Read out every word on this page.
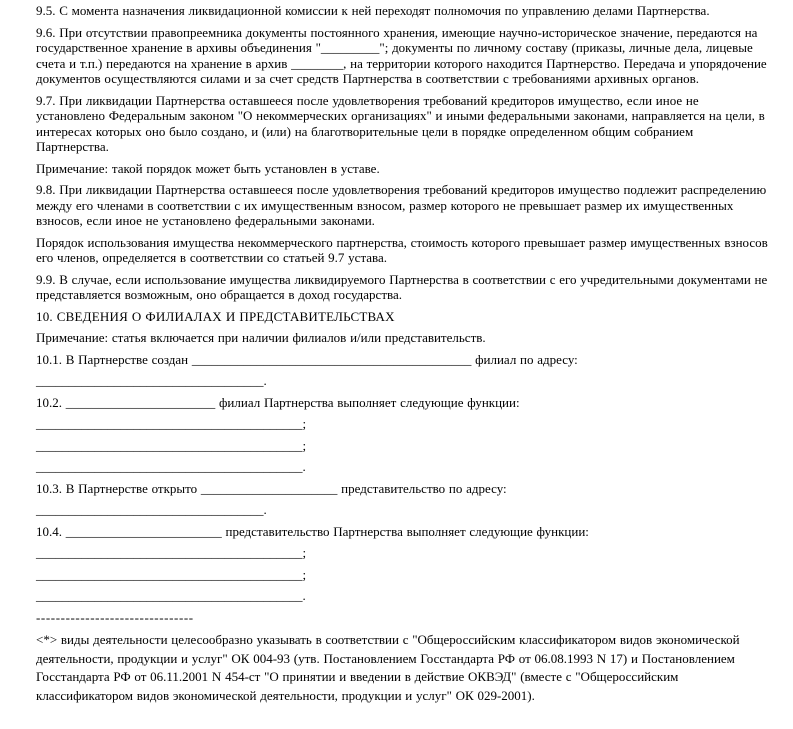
9.5. С момента назначения ликвидационной комиссии к ней переходят полномочия по управлению делами Партнерства.

9.6. При отсутствии правопреемника документы постоянного хранения, имеющие научно-историческое значение, передаются на государственное хранение в архивы объединения "_________"; документы по личному составу (приказы, личные дела, лицевые счета и т.п.) передаются на хранение в архив ________, на территории которого находится Партнерство. Передача и упорядочение документов осуществляются силами и за счет средств Партнерства в соответствии с требованиями архивных органов.

9.7. При ликвидации Партнерства оставшееся после удовлетворения требований кредиторов имущество, если иное не установлено Федеральным законом "О некоммерческих организациях" и иными федеральными законами, направляется на цели, в интересах которых оно было создано, и (или) на благотворительные цели в порядке определенном общим собранием Партнерства.

Примечание: такой порядок может быть установлен в уставе.

9.8. При ликвидации Партнерства оставшееся после удовлетворения требований кредиторов имущество подлежит распределению между его членами в соответствии с их имущественным взносом, размер которого не превышает размер их имущественных взносов, если иное не установлено федеральными законами.

Порядок использования имущества некоммерческого партнерства, стоимость которого превышает размер имущественных взносов его членов, определяется в соответствии со статьей 9.7 устава.

9.9. В случае, если использование имущества ликвидируемого Партнерства в соответствии с его учредительными документами не представляется возможным, оно обращается в доход государства.

10. СВЕДЕНИЯ О ФИЛИАЛАХ И ПРЕДСТАВИТЕЛЬСТВАХ

Примечание: статья включается при наличии филиалов и/или представительств.

10.1. В Партнерстве создан ___________________________________________ филиал по адресу:

___________________________________.

10.2. _______________________ филиал Партнерства выполняет следующие функции:

_________________________________________;

_________________________________________;

_________________________________________.

10.3. В Партнерстве открыто _____________________ представительство по адресу:

___________________________________.

10.4. ________________________ представительство Партнерства выполняет следующие функции:

_________________________________________;

_________________________________________;

_________________________________________.

--------------------------------

<*> виды деятельности целесообразно указывать в соответствии с "Общероссийским классификатором видов экономической деятельности, продукции и услуг" ОК 004-93 (утв. Постановлением Госстандарта РФ от 06.08.1993 N 17) и Постановлением Госстандарта РФ от 06.11.2001 N 454-ст "О принятии и введении в действие ОКВЭД" (вместе с "Общероссийским классификатором видов экономической деятельности, продукции и услуг" ОК 029-2001).
